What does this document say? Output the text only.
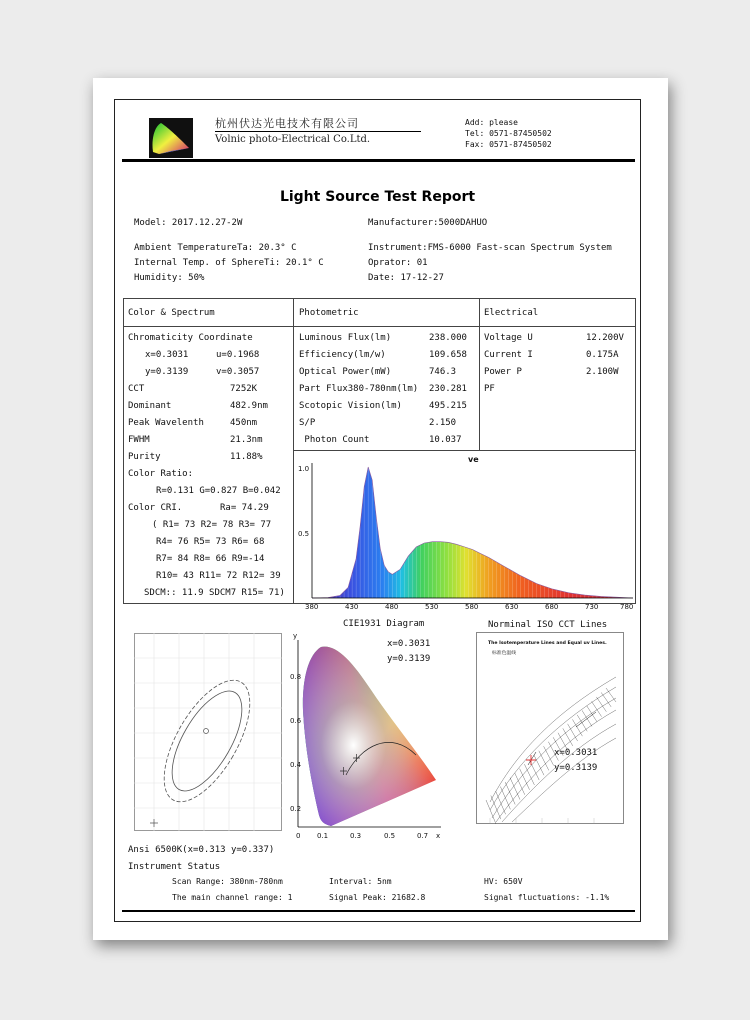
杭州伏达光电技术有限公司
Volnic photo-Electrical Co.Ltd.
Add: please
Tel: 0571-87450502
Fax: 0571-87450502
Light Source Test Report
Model: 2017.12.27-2W	Manufacturer:5000DAHUO
Ambient TemperatureTa: 20.3° C	Instrument:FMS-6000 Fast-scan Spectrum System
Internal Temp. of SphereTi: 20.1° C	Oprator: 01
Humidity: 50%	Date: 17-12-27
Color & Spectrum	Photometric	Electrical
Chromaticity Coordinate
x=0.3031	u=0.1968
y=0.3139	v=0.3057
CCT	7252K
Dominant	482.9nm
Peak Wavelenth	450nm
FWHM	21.3nm
Purity	11.88%
Color Ratio:
R=0.131 G=0.827 B=0.042
Color CRI.	Ra= 74.29
( R1= 73 R2= 78 R3= 77
R4= 76 R5= 73 R6= 68
R7= 84 R8= 66 R9=-14
R10= 43 R11= 72 R12= 39
SDCM:: 11.9 SDCM7 R15= 71)
Luminous Flux(lm)	238.000
Efficiency(lm/w)	109.658
Optical Power(mW)	746.3
Part Flux380-780nm(lm) 230.281
Scotopic Vision(lm)	495.215
S/P	2.150
Photon Count	10.037
Voltage U	12.200V
Current I	0.175A
Power P	2.100W
PF
ve
380	430	480	530	580	630	680	730	780
0.5
1.0
CIE1931 Diagram
y
0.8
0.6
0.4
0.2
0 0.1	0.3	0.5	0.7 x
x=0.3031
y=0.3139
Norminal ISO CCT Lines
The Isotemperature Lines and Equal uv Lines.
标准色温线
x=0.3031
y=0.3139
Ansi 6500K(x=0.313 y=0.337)
Instrument Status
Scan Range: 380nm-780nm	Interval: 5nm	HV: 650V
The main channel range: 1	Signal Peak: 21682.8	Signal fluctuations: -1.1%
